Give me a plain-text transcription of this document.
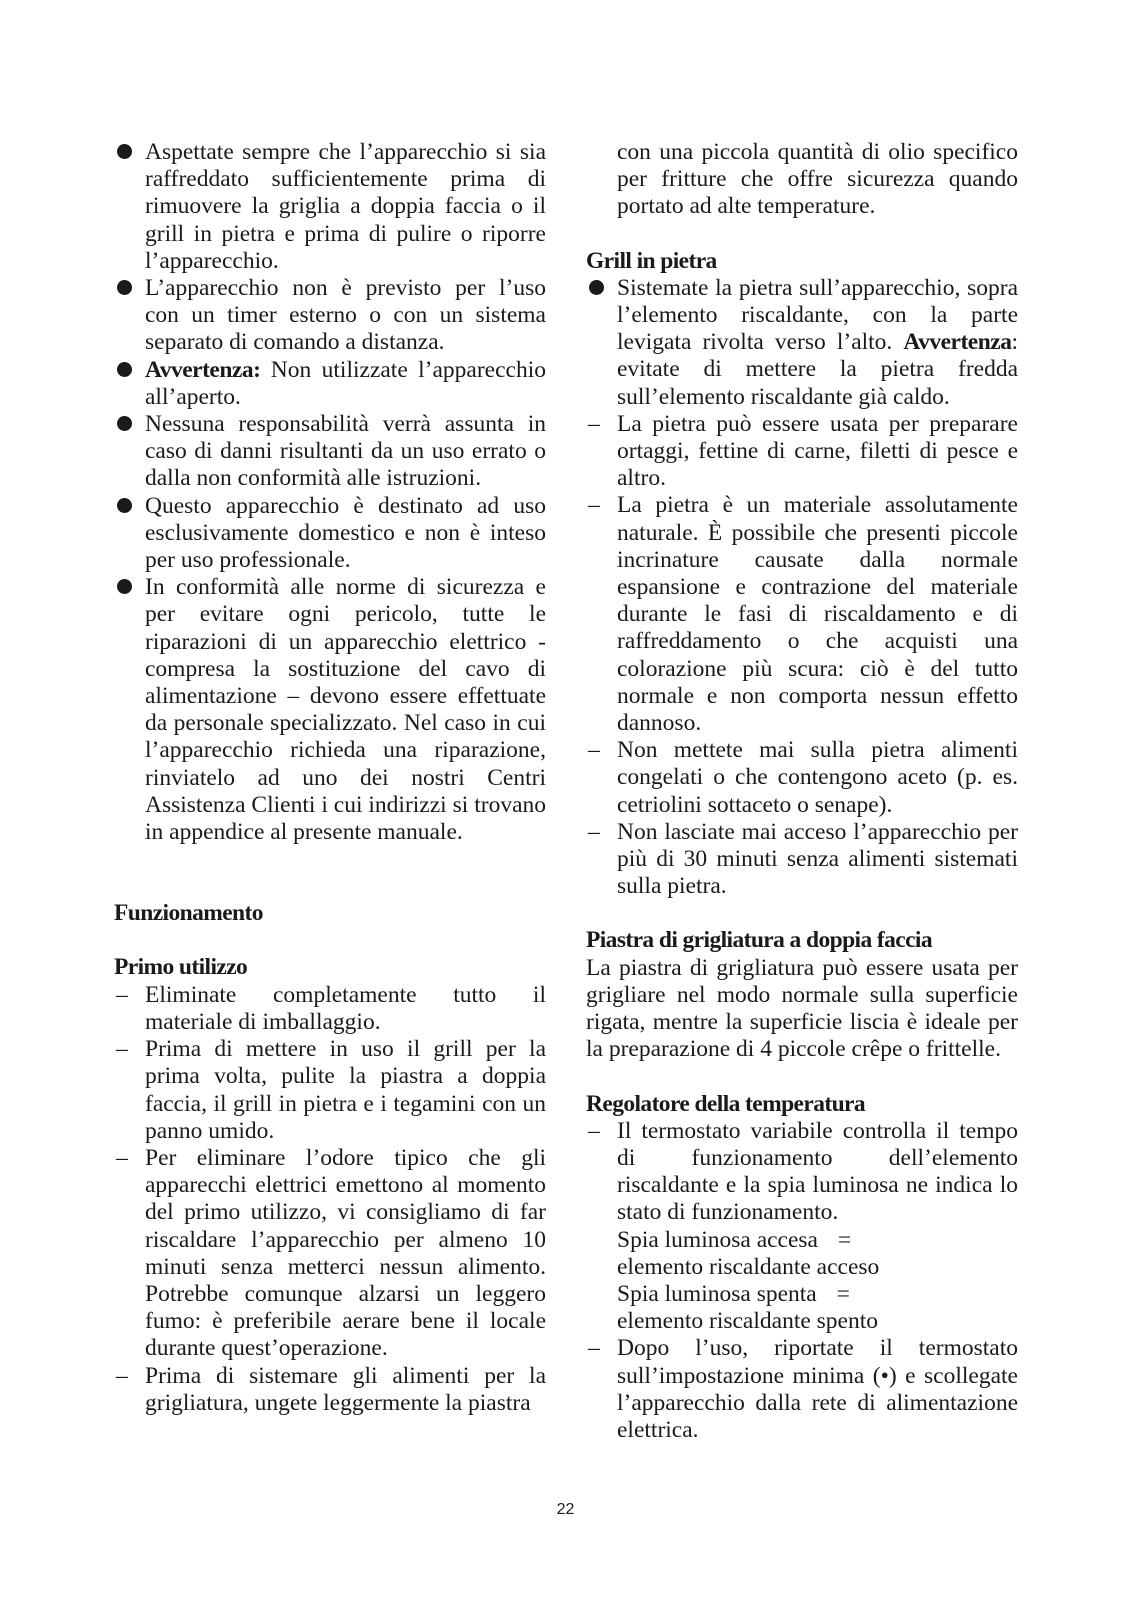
Aspettate sempre che l’apparecchio si sia raffreddato sufficientemente prima di rimuovere la griglia a doppia faccia o il grill in pietra e prima di pulire o riporre l’apparecchio.
L’apparecchio non è previsto per l’uso con un timer esterno o con un sistema separato di comando a distanza.
Avvertenza: Non utilizzate l’apparecchio all’aperto.
Nessuna responsabilità verrà assunta in caso di danni risultanti da un uso errato o dalla non conformità alle istruzioni.
Questo apparecchio è destinato ad uso esclusivamente domestico e non è inteso per uso professionale.
In conformità alle norme di sicurezza e per evitare ogni pericolo, tutte le riparazioni di un apparecchio elettrico - compresa la sostituzione del cavo di alimentazione – devono essere effettuate da personale specializzato. Nel caso in cui l’apparecchio richieda una riparazione, rinviatelo ad uno dei nostri Centri Assistenza Clienti i cui indirizzi si trovano in appendice al presente manuale.
Funzionamento
Primo utilizzo
– Eliminate completamente tutto il materiale di imballaggio.
– Prima di mettere in uso il grill per la prima volta, pulite la piastra a doppia faccia, il grill in pietra e i tegamini con un panno umido.
– Per eliminare l’odore tipico che gli apparecchi elettrici emettono al momento del primo utilizzo, vi consigliamo di far riscaldare l’apparecchio per almeno 10 minuti senza metterci nessun alimento. Potrebbe comunque alzarsi un leggero fumo: è preferibile aerare bene il locale durante quest’operazione.
– Prima di sistemare gli alimenti per la grigliatura, ungete leggermente la piastra
con una piccola quantità di olio specifico per fritture che offre sicurezza quando portato ad alte temperature.
Grill in pietra
Sistemate la pietra sull’apparecchio, sopra l’elemento riscaldante, con la parte levigata rivolta verso l’alto. Avvertenza: evitate di mettere la pietra fredda sull’elemento riscaldante già caldo.
– La pietra può essere usata per preparare ortaggi, fettine di carne, filetti di pesce e altro.
– La pietra è un materiale assolutamente naturale. È possibile che presenti piccole incrinature causate dalla normale espansione e contrazione del materiale durante le fasi di riscaldamento e di raffreddamento o che acquisti una colorazione più scura: ciò è del tutto normale e non comporta nessun effetto dannoso.
– Non mettete mai sulla pietra alimenti congelati o che contengono aceto (p. es. cetriolini sottaceto o senape).
– Non lasciate mai acceso l’apparecchio per più di 30 minuti senza alimenti sistemati sulla pietra.
Piastra di grigliatura a doppia faccia
La piastra di grigliatura può essere usata per grigliare nel modo normale sulla superficie rigata, mentre la superficie liscia è ideale per la preparazione di 4 piccole crêpe o frittelle.
Regolatore della temperatura
– Il termostato variabile controlla il tempo di funzionamento dell’elemento riscaldante e la spia luminosa ne indica lo stato di funzionamento.
Spia luminosa accesa =
elemento riscaldante acceso
Spia luminosa spenta =
elemento riscaldante spento
– Dopo l’uso, riportate il termostato sull’impostazione minima (•) e scollegate l’apparecchio dalla rete di alimentazione elettrica.
22
